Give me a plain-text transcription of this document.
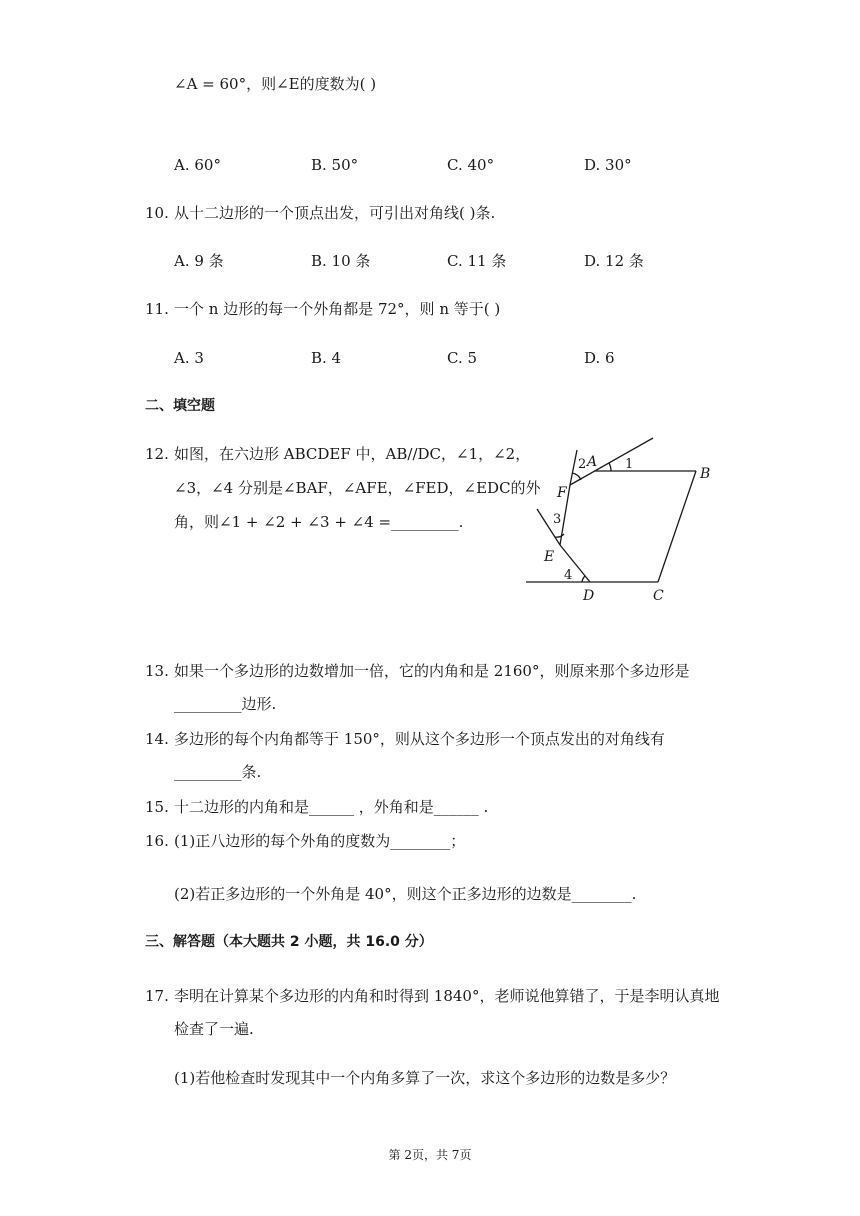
∠A = 60°，则∠E的度数为( )
A. 60°	B. 50°	C. 40°	D. 30°
10. 从十二边形的一个顶点出发，可引出对角线( )条.
A. 9 条	B. 10 条	C. 11 条	D. 12 条
11. 一个 n 边形的每一个外角都是 72°，则 n 等于( )
A. 3	B. 4	C. 5	D. 6
二、填空题
12. 如图，在六边形 ABCDEF 中，AB//DC，∠1，∠2，
∠3，∠4 分别是∠BAF，∠AFE，∠FED，∠EDC的外
角，则∠1 + ∠2 + ∠3 + ∠4 =_________.
A
B
C
D
E
F
1
2
3
4
13. 如果一个多边形的边数增加一倍，它的内角和是 2160°，则原来那个多边形是
_________边形.
14. 多边形的每个内角都等于 150°，则从这个多边形一个顶点发出的对角线有
_________条.
15. 十二边形的内角和是______ ，外角和是______ .
16. (1)正八边形的每个外角的度数为________；
(2)若正多边形的一个外角是 40°，则这个正多边形的边数是________.
三、解答题（本大题共 2 小题，共 16.0 分）
17. 李明在计算某个多边形的内角和时得到 1840°，老师说他算错了，于是李明认真地
检查了一遍.
(1)若他检查时发现其中一个内角多算了一次，求这个多边形的边数是多少？
第 2页，共 7页
